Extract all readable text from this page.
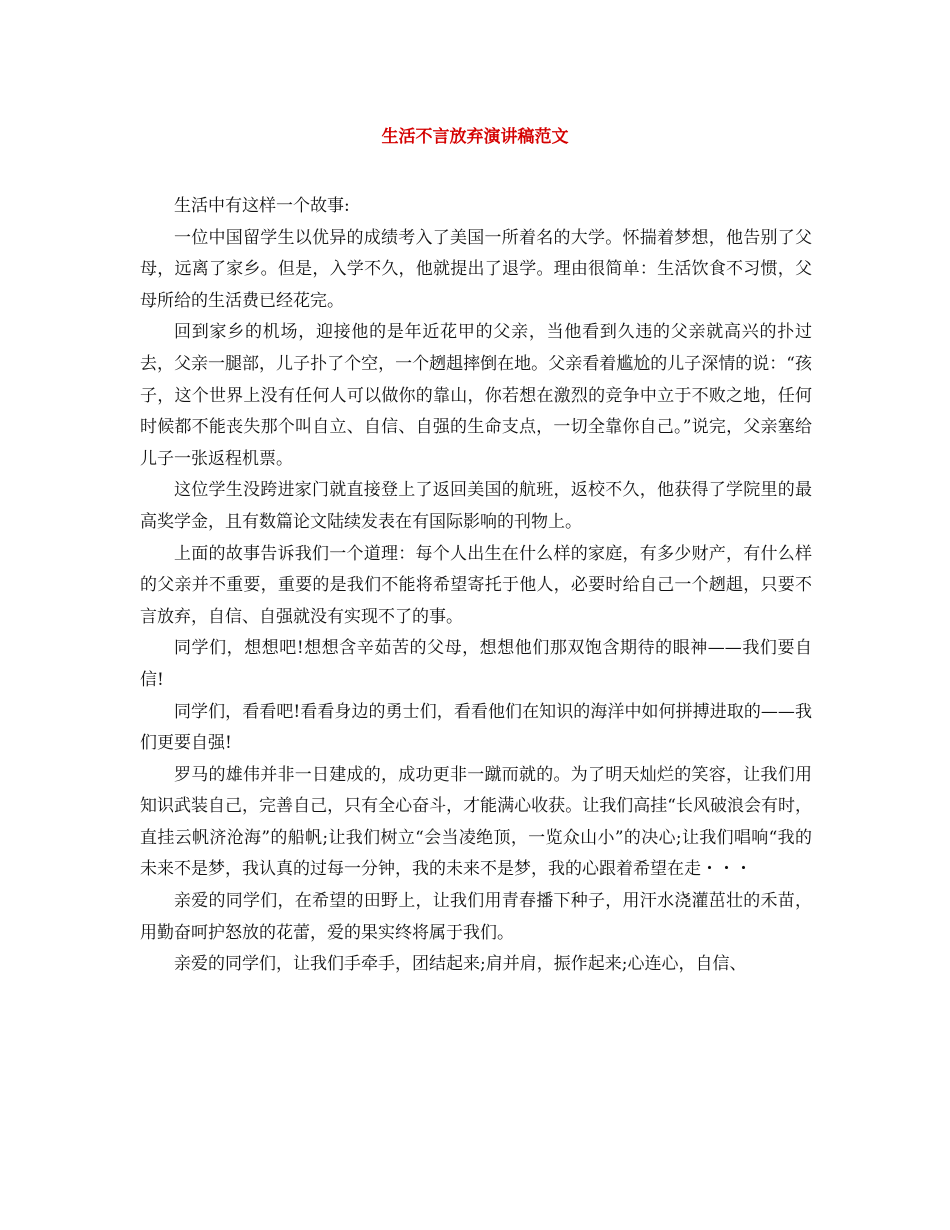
生活不言放弃演讲稿范文

生活中有这样一个故事:

一位中国留学生以优异的成绩考入了美国一所着名的大学。怀揣着梦想，他告别了父母，远离了家乡。但是，入学不久，他就提出了退学。理由很简单：生活饮食不习惯，父母所给的生活费已经花完。

回到家乡的机场，迎接他的是年近花甲的父亲，当他看到久违的父亲就高兴的扑过去，父亲一腿部，儿子扑了个空，一个趔趄摔倒在地。父亲看着尴尬的儿子深情的说：“孩子，这个世界上没有任何人可以做你的靠山，你若想在激烈的竞争中立于不败之地，任何时候都不能丧失那个叫自立、自信、自强的生命支点，一切全靠你自己。”说完，父亲塞给儿子一张返程机票。

这位学生没跨进家门就直接登上了返回美国的航班，返校不久，他获得了学院里的最高奖学金，且有数篇论文陆续发表在有国际影响的刊物上。

上面的故事告诉我们一个道理：每个人出生在什么样的家庭，有多少财产，有什么样的父亲并不重要，重要的是我们不能将希望寄托于他人，必要时给自己一个趔趄，只要不言放弃，自信、自强就没有实现不了的事。

同学们，想想吧!想想含辛茹苦的父母，想想他们那双饱含期待的眼神——我们要自信!

同学们，看看吧!看看身边的勇士们，看看他们在知识的海洋中如何拼搏进取的——我们更要自强!

罗马的雄伟并非一日建成的，成功更非一蹴而就的。为了明天灿烂的笑容，让我们用知识武装自己，完善自己，只有全心奋斗，才能满心收获。让我们高挂“长风破浪会有时，直挂云帆济沧海”的船帆;让我们树立“会当凌绝顶，一览众山小”的决心;让我们唱响“我的未来不是梦，我认真的过每一分钟，我的未来不是梦，我的心跟着希望在走・・・

亲爱的同学们，在希望的田野上，让我们用青春播下种子，用汗水浇灌茁壮的禾苗，用勤奋呵护怒放的花蕾，爱的果实终将属于我们。

亲爱的同学们，让我们手牵手，团结起来;肩并肩，振作起来;心连心，自信、
